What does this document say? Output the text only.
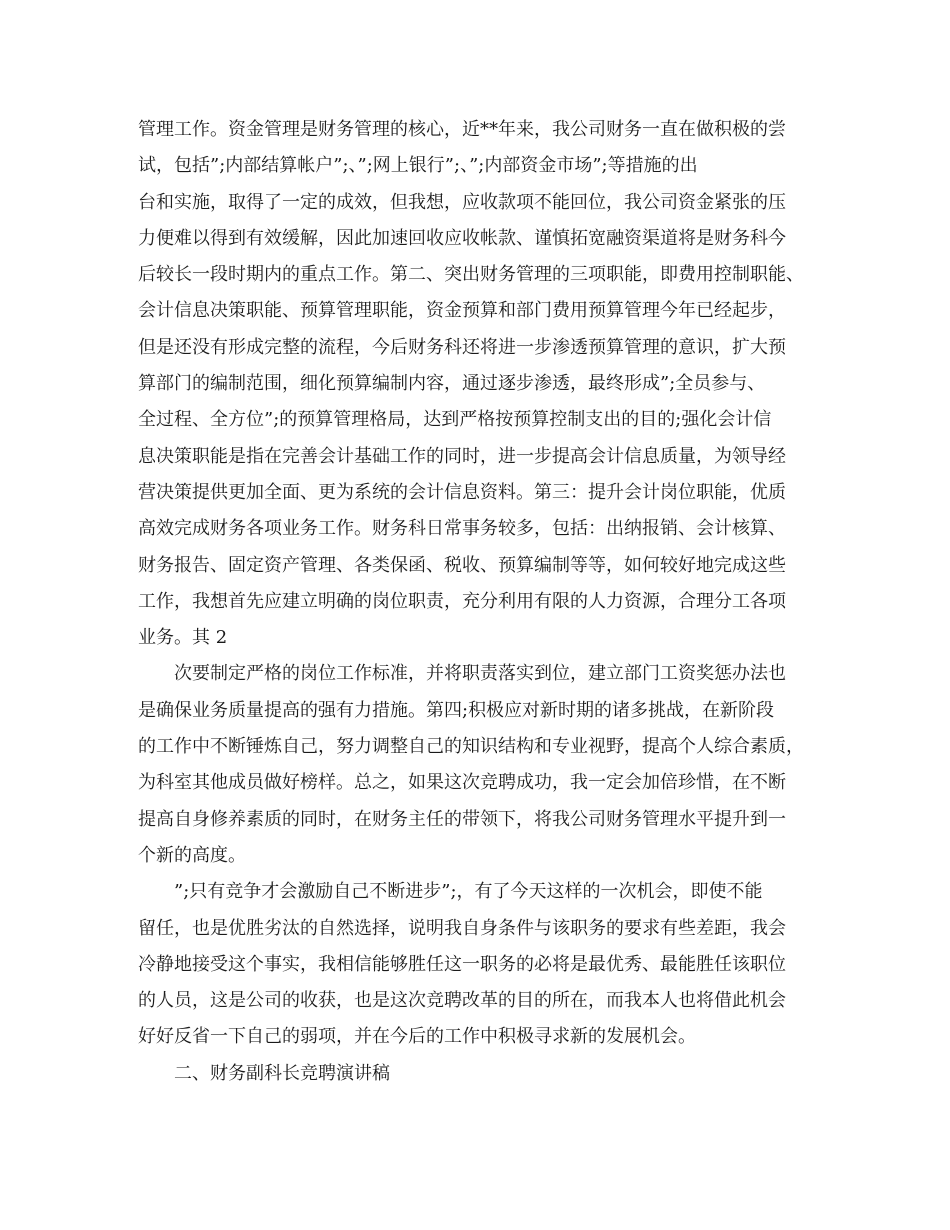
管理工作。资金管理是财务管理的核心，近**年来，我公司财务一直在做积极的尝
试，包括”;内部结算帐户”;、”;网上银行”;、”;内部资金市场”;等措施的出
台和实施，取得了一定的成效，但我想，应收款项不能回位，我公司资金紧张的压
力便难以得到有效缓解，因此加速回收应收帐款、谨慎拓宽融资渠道将是财务科今
后较长一段时期内的重点工作。第二、突出财务管理的三项职能，即费用控制职能、
会计信息决策职能、预算管理职能，资金预算和部门费用预算管理今年已经起步，
但是还没有形成完整的流程，今后财务科还将进一步渗透预算管理的意识，扩大预
算部门的编制范围，细化预算编制内容，通过逐步渗透，最终形成”;全员参与、
全过程、全方位”;的预算管理格局，达到严格按预算控制支出的目的;强化会计信
息决策职能是指在完善会计基础工作的同时，进一步提高会计信息质量，为领导经
营决策提供更加全面、更为系统的会计信息资料。第三：提升会计岗位职能，优质
高效完成财务各项业务工作。财务科日常事务较多，包括：出纳报销、会计核算、
财务报告、固定资产管理、各类保函、税收、预算编制等等，如何较好地完成这些
工作，我想首先应建立明确的岗位职责，充分利用有限的人力资源，合理分工各项
业务。其 2
次要制定严格的岗位工作标准，并将职责落实到位，建立部门工资奖惩办法也
是确保业务质量提高的强有力措施。第四;积极应对新时期的诸多挑战，在新阶段
的工作中不断锤炼自己，努力调整自己的知识结构和专业视野，提高个人综合素质，
为科室其他成员做好榜样。总之，如果这次竞聘成功，我一定会加倍珍惜，在不断
提高自身修养素质的同时，在财务主任的带领下，将我公司财务管理水平提升到一
个新的高度。
”;只有竞争才会激励自己不断进步”;，有了今天这样的一次机会，即使不能
留任，也是优胜劣汰的自然选择，说明我自身条件与该职务的要求有些差距，我会
冷静地接受这个事实，我相信能够胜任这一职务的必将是最优秀、最能胜任该职位
的人员，这是公司的收获，也是这次竞聘改革的目的所在，而我本人也将借此机会
好好反省一下自己的弱项，并在今后的工作中积极寻求新的发展机会。
二、财务副科长竞聘演讲稿
